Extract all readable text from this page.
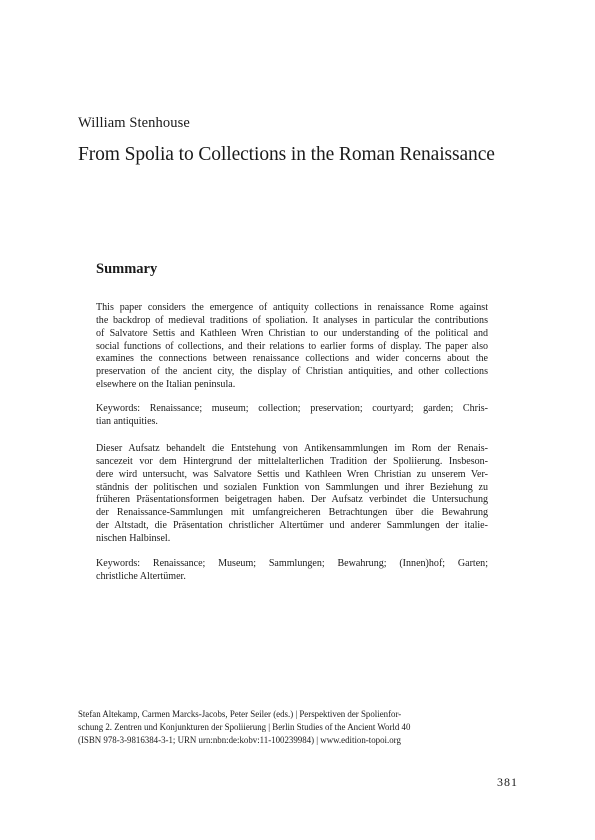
William Stenhouse
From Spolia to Collections in the Roman Renaissance
Summary
This paper considers the emergence of antiquity collections in renaissance Rome against
the backdrop of medieval traditions of spoliation. It analyses in particular the contributions
of Salvatore Settis and Kathleen Wren Christian to our understanding of the political and
social functions of collections, and their relations to earlier forms of display. The paper also
examines the connections between renaissance collections and wider concerns about the
preservation of the ancient city, the display of Christian antiquities, and other collections
elsewhere on the Italian peninsula.
Keywords: Renaissance; museum; collection; preservation; courtyard; garden; Chris-
tian antiquities.
Dieser Aufsatz behandelt die Entstehung von Antikensammlungen im Rom der Renais-
sancezeit vor dem Hintergrund der mittelalterlichen Tradition der Spoliierung. Insbeson-
dere wird untersucht, was Salvatore Settis und Kathleen Wren Christian zu unserem Ver-
ständnis der politischen und sozialen Funktion von Sammlungen und ihrer Beziehung zu
früheren Präsentationsformen beigetragen haben. Der Aufsatz verbindet die Untersuchung
der Renaissance-Sammlungen mit umfangreicheren Betrachtungen über die Bewahrung
der Altstadt, die Präsentation christlicher Altertümer und anderer Sammlungen der italie-
nischen Halbinsel.
Keywords: Renaissance; Museum; Sammlungen; Bewahrung; (Innen)hof; Garten;
christliche Altertümer.
Stefan Altekamp, Carmen Marcks-Jacobs, Peter Seiler (eds.) | Perspektiven der Spolienfor-
schung 2. Zentren und Konjunkturen der Spoliierung | Berlin Studies of the Ancient World 40
(ISBN 978-3-9816384-3-1; URN urn:nbn:de:kobv:11-100239984) | www.edition-topoi.org
381
